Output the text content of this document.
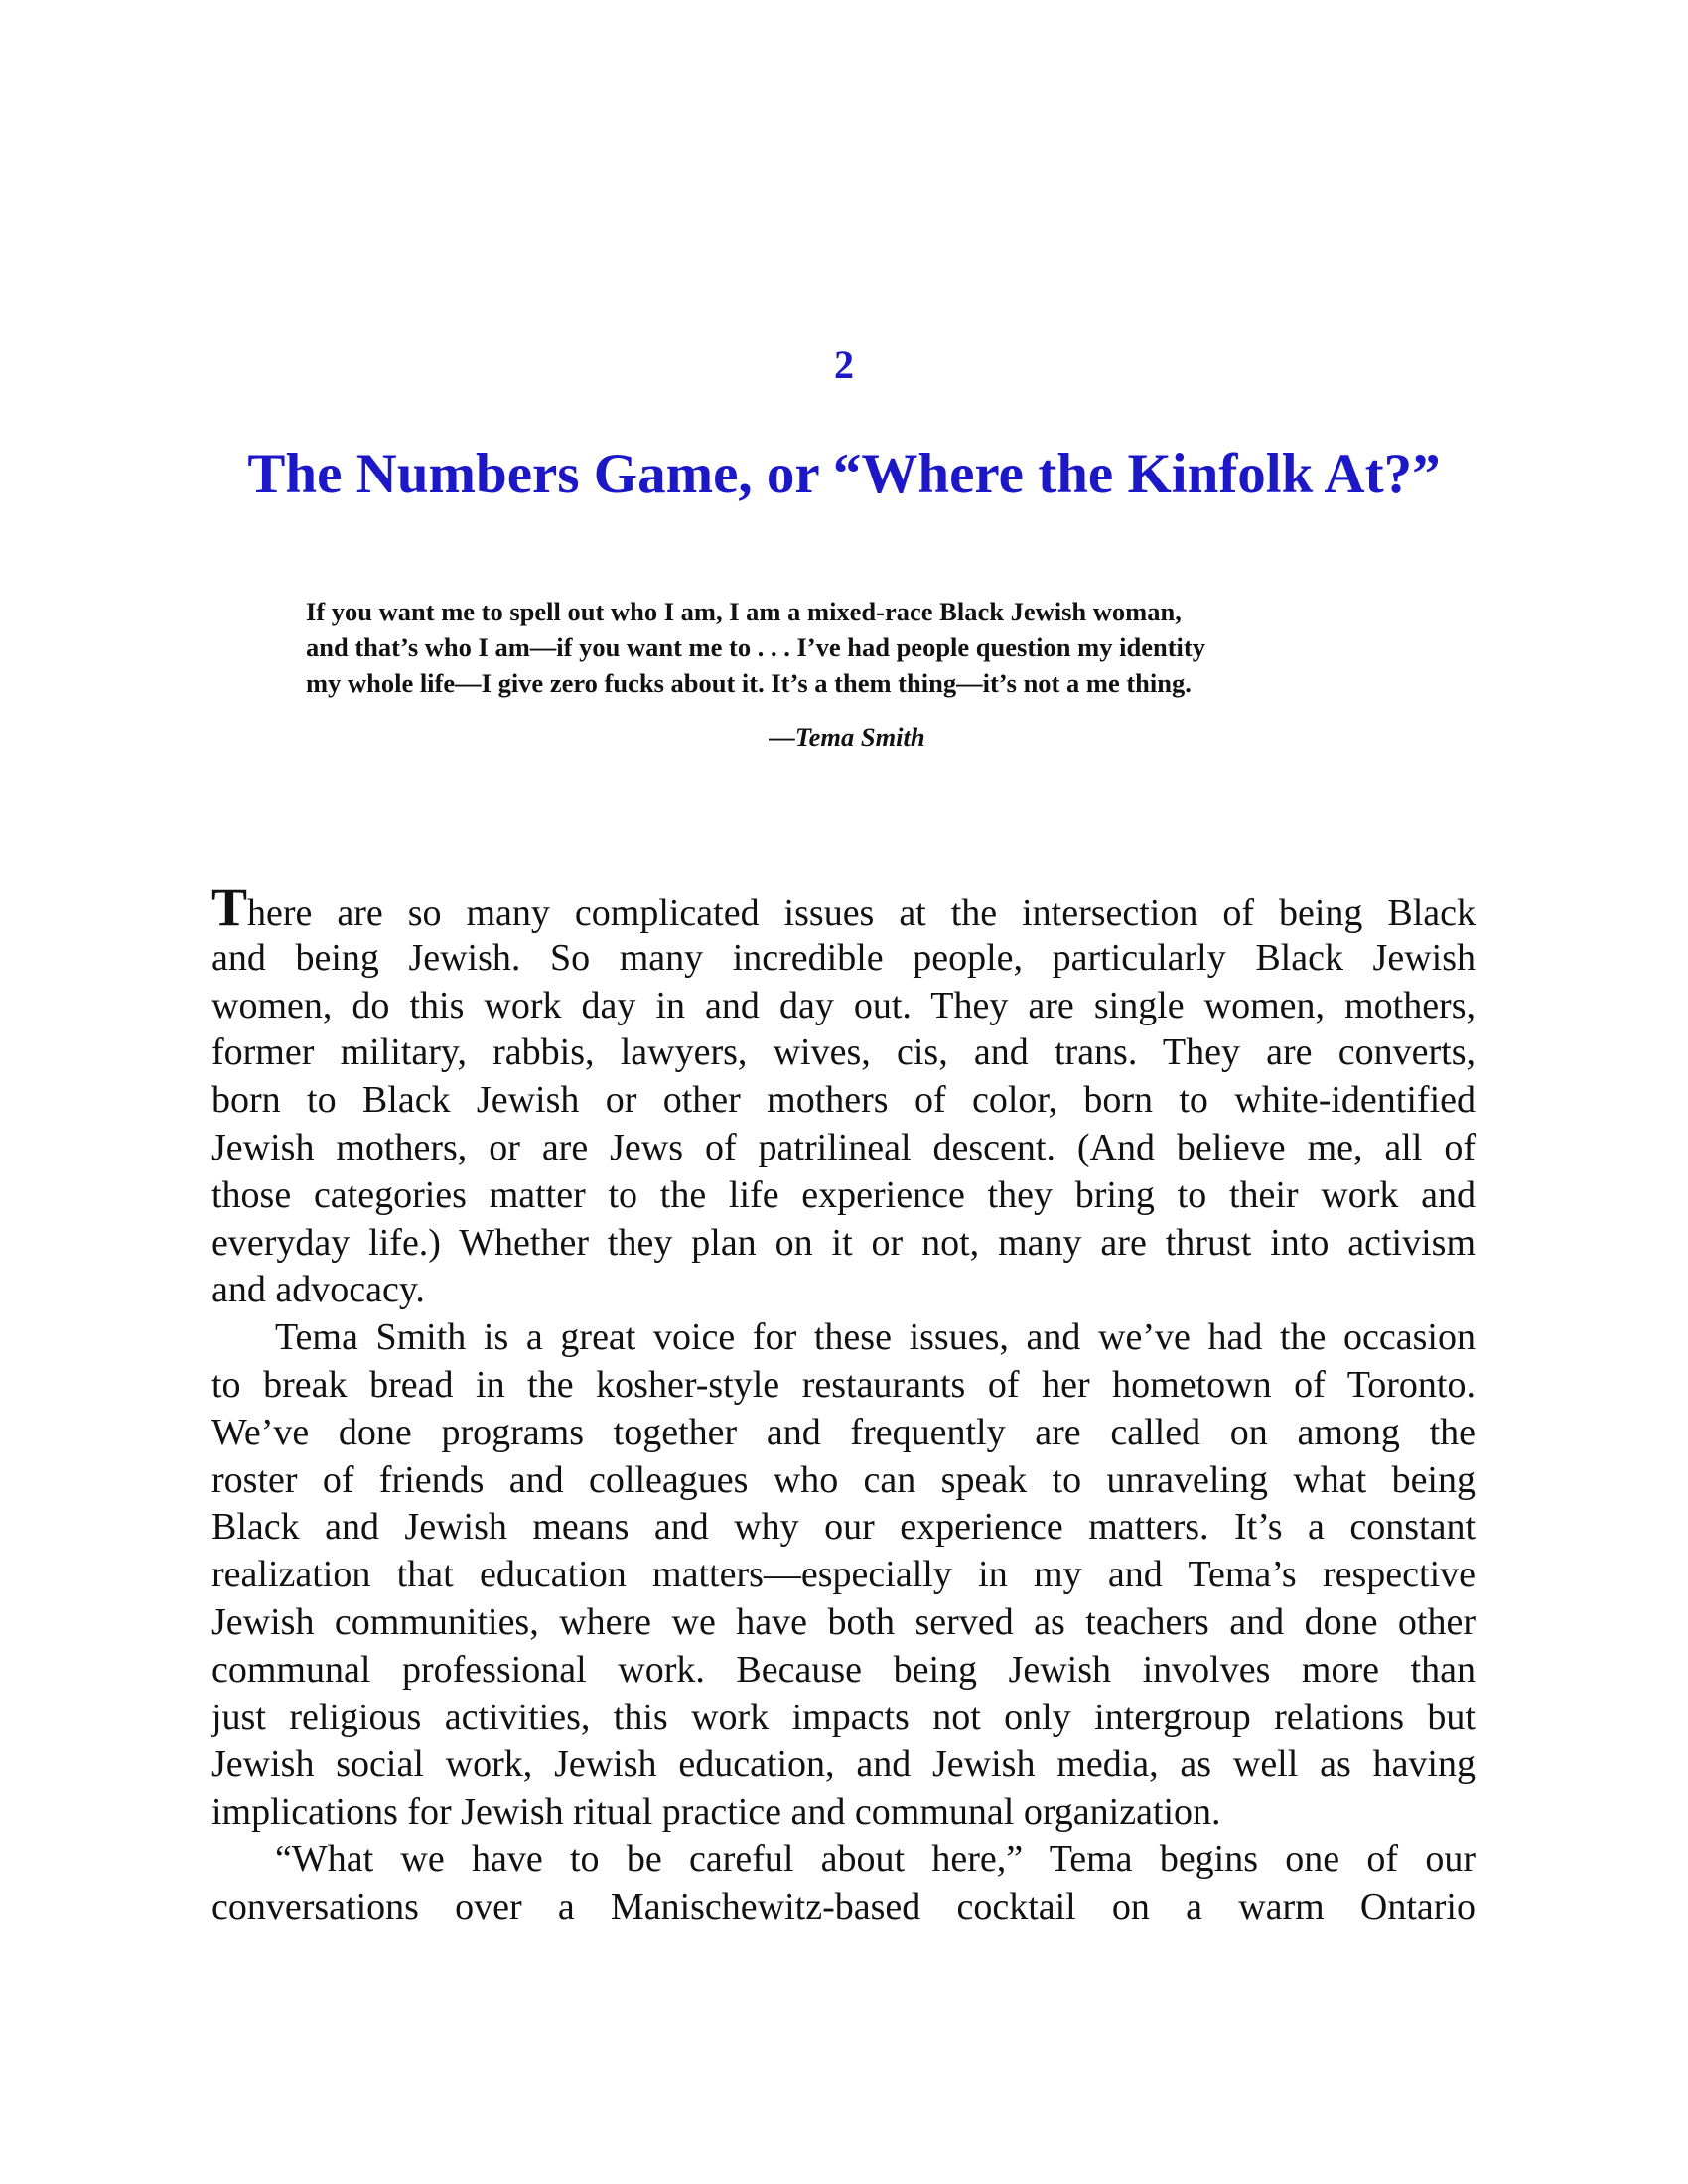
2
The Numbers Game, or “Where the Kinfolk At?”

If you want me to spell out who I am, I am a mixed-race Black Jewish woman,
and that’s who I am—if you want me to . . . I’ve had people question my identity
my whole life—I give zero fucks about it. It’s a them thing—it’s not a me thing.

—Tema Smith
There are so many complicated issues at the intersection of being Black
and being Jewish. So many incredible people, particularly Black Jewish
women, do this work day in and day out. They are single women, mothers,
former military, rabbis, lawyers, wives, cis, and trans. They are converts,
born to Black Jewish or other mothers of color, born to white-identified
Jewish mothers, or are Jews of patrilineal descent. (And believe me, all of
those categories matter to the life experience they bring to their work and
everyday life.) Whether they plan on it or not, many are thrust into activism
and advocacy.
Tema Smith is a great voice for these issues, and we’ve had the occasion
to break bread in the kosher-style restaurants of her hometown of Toronto.
We’ve done programs together and frequently are called on among the
roster of friends and colleagues who can speak to unraveling what being
Black and Jewish means and why our experience matters. It’s a constant
realization that education matters—especially in my and Tema’s respective
Jewish communities, where we have both served as teachers and done other
communal professional work. Because being Jewish involves more than
just religious activities, this work impacts not only intergroup relations but
Jewish social work, Jewish education, and Jewish media, as well as having
implications for Jewish ritual practice and communal organization.
“What we have to be careful about here,” Tema begins one of our
conversations over a Manischewitz-based cocktail on a warm Ontario
